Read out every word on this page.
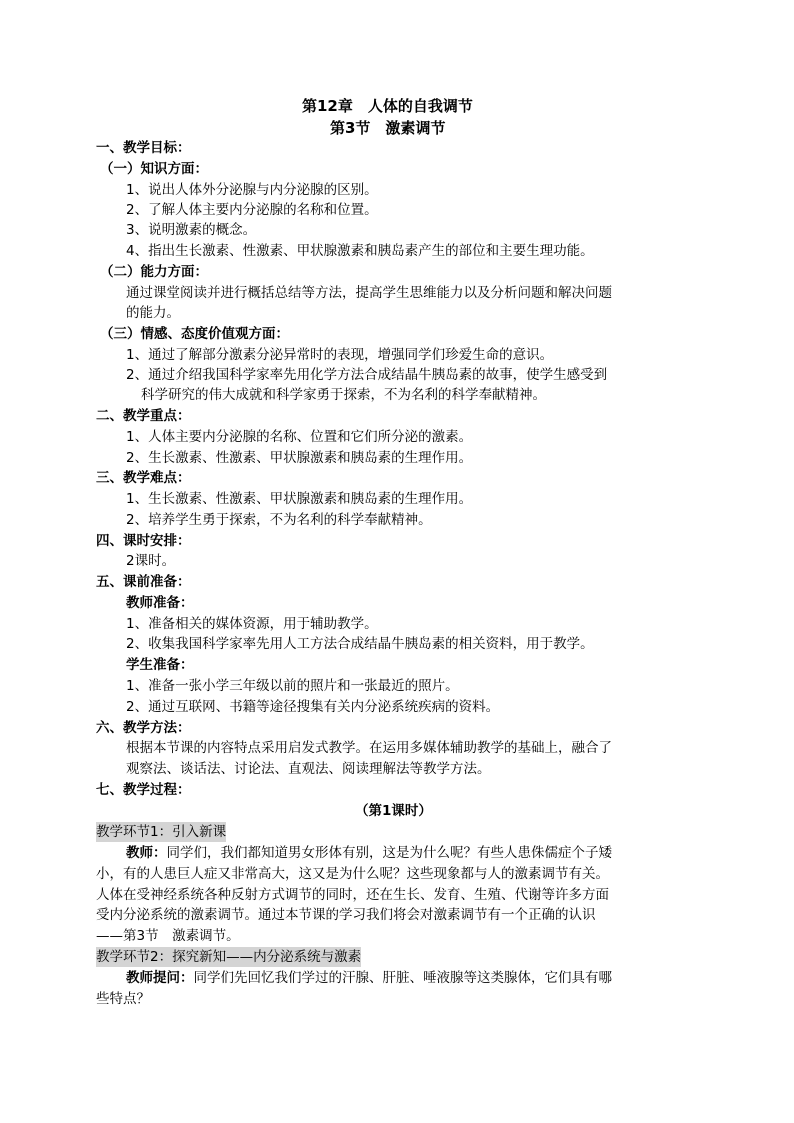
第12章　人体的自我调节
第3节　激素调节
一、教学目标：
（一）知识方面：
1、说出人体外分泌腺与内分泌腺的区别。
2、了解人体主要内分泌腺的名称和位置。
3、说明激素的概念。
4、指出生长激素、性激素、甲状腺激素和胰岛素产生的部位和主要生理功能。
（二）能力方面：
通过课堂阅读并进行概括总结等方法，提高学生思维能力以及分析问题和解决问题
的能力。
（三）情感、态度价值观方面：
1、通过了解部分激素分泌异常时的表现，增强同学们珍爱生命的意识。
2、通过介绍我国科学家率先用化学方法合成结晶牛胰岛素的故事，使学生感受到
科学研究的伟大成就和科学家勇于探索，不为名利的科学奉献精神。
二、教学重点：
1、人体主要内分泌腺的名称、位置和它们所分泌的激素。
2、生长激素、性激素、甲状腺激素和胰岛素的生理作用。
三、教学难点：
1、生长激素、性激素、甲状腺激素和胰岛素的生理作用。
2、培养学生勇于探索，不为名利的科学奉献精神。
四、课时安排：
2课时。
五、课前准备：
教师准备：
1、准备相关的媒体资源，用于辅助教学。
2、收集我国科学家率先用人工方法合成结晶牛胰岛素的相关资料，用于教学。
学生准备：
1、准备一张小学三年级以前的照片和一张最近的照片。
2、通过互联网、书籍等途径搜集有关内分泌系统疾病的资料。
六、教学方法：
根据本节课的内容特点采用启发式教学。在运用多媒体辅助教学的基础上，融合了
观察法、谈话法、讨论法、直观法、阅读理解法等教学方法。
七、教学过程：
（第1课时）
教学环节1：引入新课
教师：同学们，我们都知道男女形体有别，这是为什么呢？有些人患侏儒症个子矮
小，有的人患巨人症又非常高大，这又是为什么呢？这些现象都与人的激素调节有关。
人体在受神经系统各种反射方式调节的同时，还在生长、发育、生殖、代谢等许多方面
受内分泌系统的激素调节。通过本节课的学习我们将会对激素调节有一个正确的认识
——第3节　激素调节。
教学环节2：探究新知——内分泌系统与激素
教师提问：同学们先回忆我们学过的汗腺、肝脏、唾液腺等这类腺体，它们具有哪
些特点？
